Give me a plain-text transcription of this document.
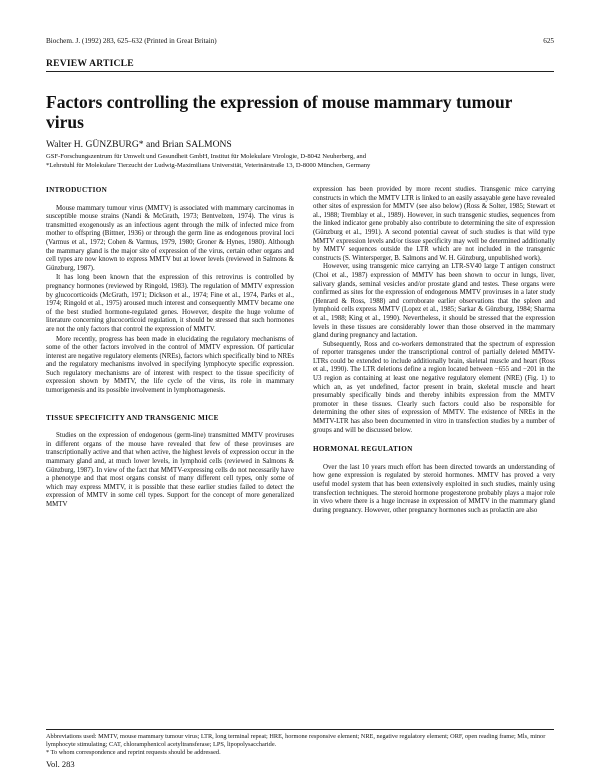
Biochem. J. (1992) 283, 625–632 (Printed in Great Britain)	625
REVIEW ARTICLE
Factors controlling the expression of mouse mammary tumour virus
Walter H. GÜNZBURG* and Brian SALMONS
GSF-Forschungszentrum für Umwelt und Gesundheit GmbH, Institut für Molekulare Virologie, D-8042 Neuherberg, and
*Lehrstuhl für Molekulare Tierzucht der Ludwig-Maximilians Universität, Veterinärstraße 13, D-8000 München, Germany

INTRODUCTION

Mouse mammary tumour virus (MMTV) is associated with mammary carcinomas in susceptible mouse strains (Nandi & McGrath, 1973; Bentvelzen, 1974). The virus is transmitted exogenously as an infectious agent through the milk of infected mice from mother to offspring (Bittner, 1936) or through the germ line as endogenous proviral loci (Varmus et al., 1972; Cohen & Varmus, 1979, 1980; Groner & Hynes, 1980). Although the mammary gland is the major site of expression of the virus, certain other organs and cell types are now known to express MMTV but at lower levels (reviewed in Salmons & Günzburg, 1987).

It has long been known that the expression of this retrovirus is controlled by pregnancy hormones (reviewed by Ringold, 1983). The regulation of MMTV expression by glucocorticoids (McGrath, 1971; Dickson et al., 1974; Fine et al., 1974, Parks et al., 1974; Ringold et al., 1975) aroused much interest and consequently MMTV became one of the best studied hormone-regulated genes. However, despite the huge volume of literature concerning glucocorticoid regulation, it should be stressed that such hormones are not the only factors that control the expression of MMTV.

More recently, progress has been made in elucidating the regulatory mechanisms of some of the other factors involved in the control of MMTV expression. Of particular interest are negative regulatory elements (NREs), factors which specifically bind to NREs and the regulatory mechanisms involved in specifying lymphocyte specific expression. Such regulatory mechanisms are of interest with respect to the tissue specificity of expression shown by MMTV, the life cycle of the virus, its role in mammary tumorigenesis and its possible involvement in lymphomagenesis.

TISSUE SPECIFICITY AND TRANSGENIC MICE

Studies on the expression of endogenous (germ-line) transmitted MMTV proviruses in different organs of the mouse have revealed that few of these proviruses are transcriptionally active and that when active, the highest levels of expression occur in the mammary gland and, at much lower levels, in lymphoid cells (reviewed in Salmons & Günzburg, 1987). In view of the fact that MMTV-expressing cells do not necessarily have a phenotype and that most organs consist of many different cell types, only some of which may express MMTV, it is possible that these earlier studies failed to detect the expression of MMTV in some cell types. Support for the concept of more generalized MMTV

expression has been provided by more recent studies. Transgenic mice carrying constructs in which the MMTV LTR is linked to an easily assayable gene have revealed other sites of expression for MMTV (see also below) (Ross & Solter, 1985; Stewart et al., 1988; Tremblay et al., 1989). However, in such transgenic studies, sequences from the linked indicator gene probably also contribute to determining the site of expression (Günzburg et al., 1991). A second potential caveat of such studies is that wild type MMTV expression levels and/or tissue specificity may well be determined additionally by MMTV sequences outside the LTR which are not included in the transgenic constructs (S. Wintersperger, B. Salmons and W. H. Günzburg, unpublished work).

However, using transgenic mice carrying an LTR-SV40 large T antigen construct (Choi et al., 1987) expression of MMTV has been shown to occur in lungs, liver, salivary glands, seminal vesicles and/or prostate gland and testes. These organs were confirmed as sites for the expression of endogenous MMTV proviruses in a later study (Henrard & Ross, 1988) and corroborate earlier observations that the spleen and lymphoid cells express MMTV (Lopez et al., 1985; Sarkar & Günzburg, 1984; Sharma et al., 1988; King et al., 1990). Nevertheless, it should be stressed that the expression levels in these tissues are considerably lower than those observed in the mammary gland during pregnancy and lactation.

Subsequently, Ross and co-workers demonstrated that the spectrum of expression of reporter transgenes under the transcriptional control of partially deleted MMTV-LTRs could be extended to include additionally brain, skeletal muscle and heart (Ross et al., 1990). The LTR deletions define a region located between −655 and −201 in the U3 region as containing at least one negative regulatory element (NRE) (Fig. 1) to which an, as yet undefined, factor present in brain, skeletal muscle and heart presumably specifically binds and thereby inhibits expression from the MMTV promoter in these tissues. Clearly such factors could also be responsible for determining the other sites of expression of MMTV. The existence of NREs in the MMTV-LTR has also been documented in vitro in transfection studies by a number of groups and will be discussed below.

HORMONAL REGULATION

Over the last 10 years much effort has been directed towards an understanding of how gene expression is regulated by steroid hormones. MMTV has proved a very useful model system that has been extensively exploited in such studies, mainly using transfection techniques. The steroid hormone progesterone probably plays a major role in vivo where there is a huge increase in expression of MMTV in the mammary gland during pregnancy. However, other pregnancy hormones such as prolactin are also

Abbreviations used: MMTV, mouse mammary tumour virus; LTR, long terminal repeat; HRE, hormone responsive element; NRE, negative regulatory element; ORF, open reading frame; Mls, minor lymphocyte stimulating; CAT, chloramphenicol acetyltransferase; LPS, lipopolysaccharide.
* To whom correspondence and reprint requests should be addressed.
Vol. 283
